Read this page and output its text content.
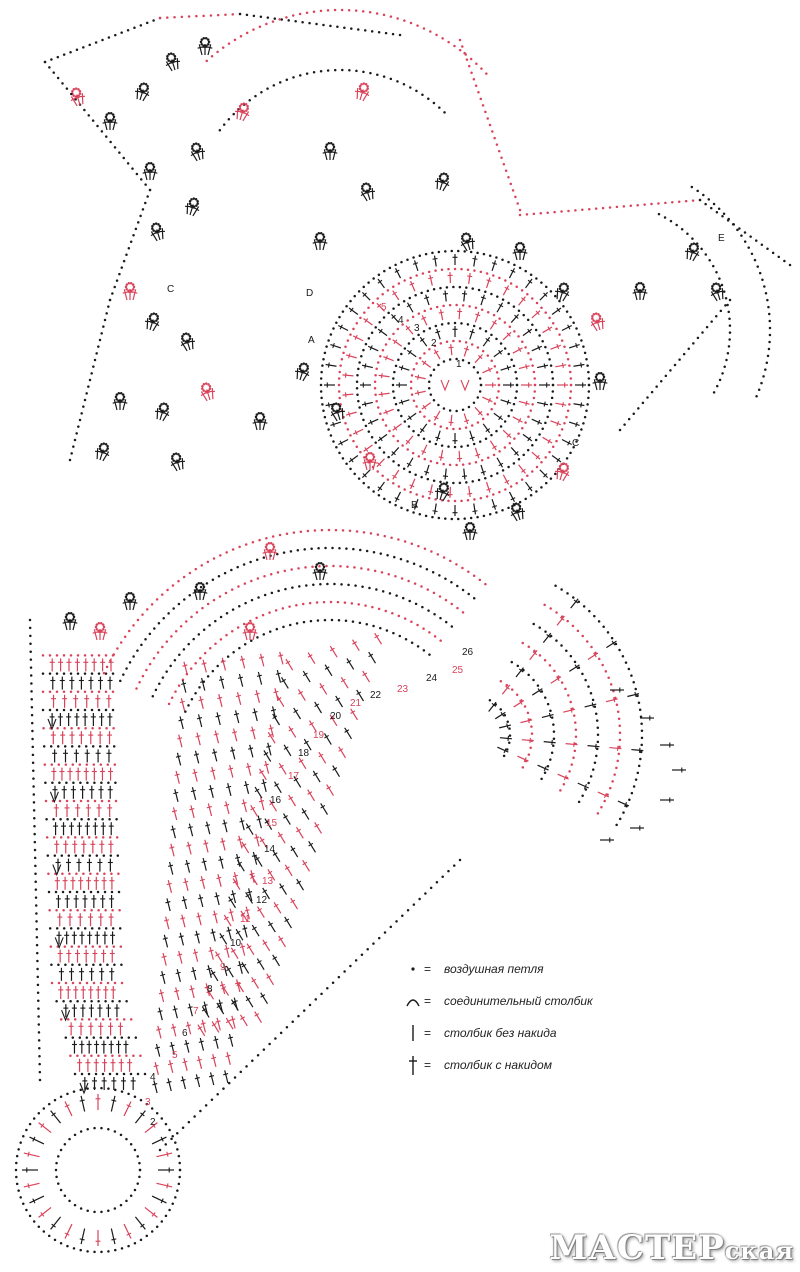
2
3
4
5
6
7
8
9
10
11
12
13
14
15
16
17
18
19
20
21
22
23
24
25
26
1
2
3
4
5
A
B
C
C	D
E
= воздушная петля
= соединительный столбик
= столбик без накида
= столбик с накидом
МАСТЕРская
